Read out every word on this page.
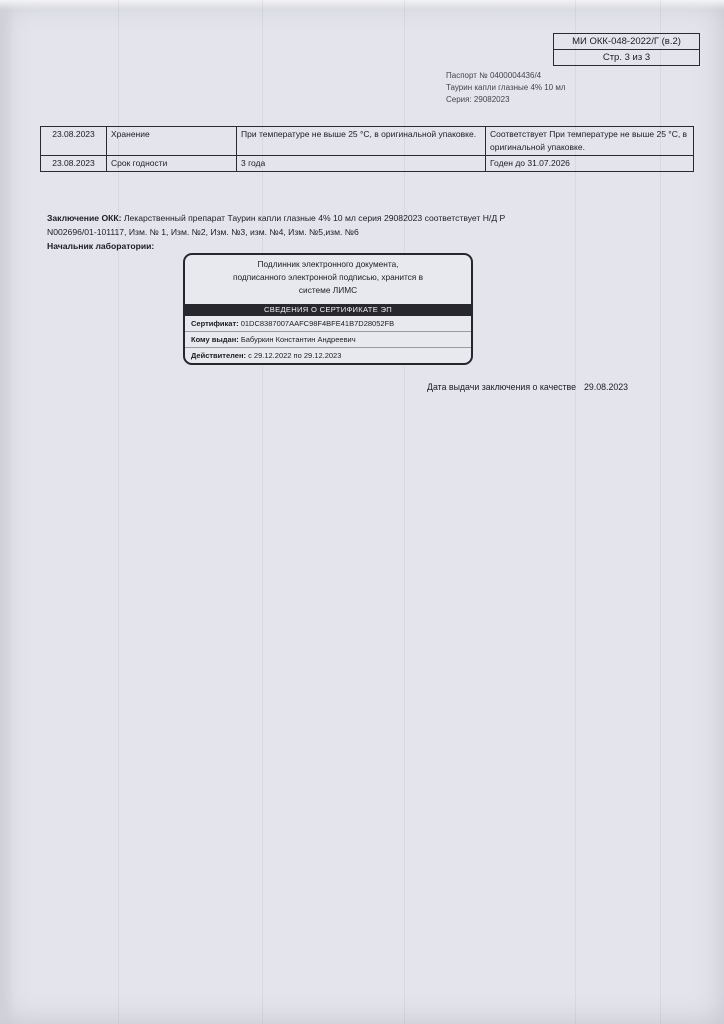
МИ ОКК-048-2022/Г (в.2)
Стр. 3 из 3
Паспорт № 0400004436/4
Таурин капли глазные 4% 10 мл
Серия: 29082023
23.08.2023	Хранение	При температуре не выше 25 °С, в оригинальной упаковке.	Соответствует При температуре не выше 25 °С, в оригинальной упаковке.
23.08.2023	Срок годности	3 года	Годен до 31.07.2026
Заключение ОКК: Лекарственный препарат Таурин капли глазные 4% 10 мл серия 29082023 соответствует Н/Д Р
N002696/01-101117, Изм. № 1, Изм. №2, Изм. №3, изм. №4, Изм. №5,изм. №6
Начальник лаборатории:
Подлинник электронного документа,
подписанного электронной подписью, хранится в
системе ЛИМС
СВЕДЕНИЯ О СЕРТИФИКАТЕ ЭП
Сертификат: 01DC8387007AAFC98F4BFE41B7D28052FB
Кому выдан: Бабуркин Константин Андреевич
Действителен: с 29.12.2022 по 29.12.2023
Дата выдачи заключения о качестве 29.08.2023
